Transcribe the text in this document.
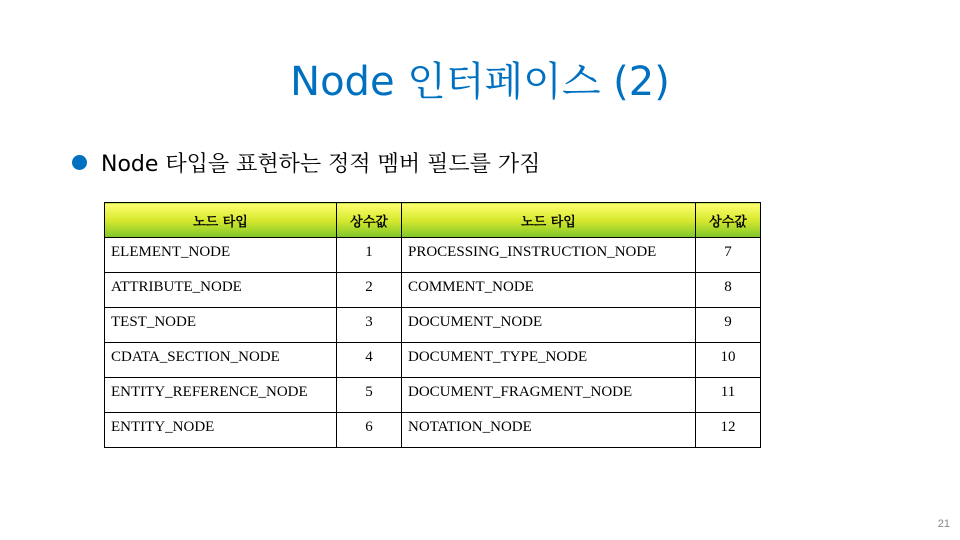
Node 인터페이스 (2)
Node 타입을 표현하는 정적 멤버 필드를 가짐
노드 타입	상수값	노드 타입	상수값
ELEMENT_NODE	1	PROCESSING_INSTRUCTION_NODE	7
ATTRIBUTE_NODE	2	COMMENT_NODE	8
TEST_NODE	3	DOCUMENT_NODE	9
CDATA_SECTION_NODE	4	DOCUMENT_TYPE_NODE	10
ENTITY_REFERENCE_NODE	5	DOCUMENT_FRAGMENT_NODE	11
ENTITY_NODE	6	NOTATION_NODE	12
21
